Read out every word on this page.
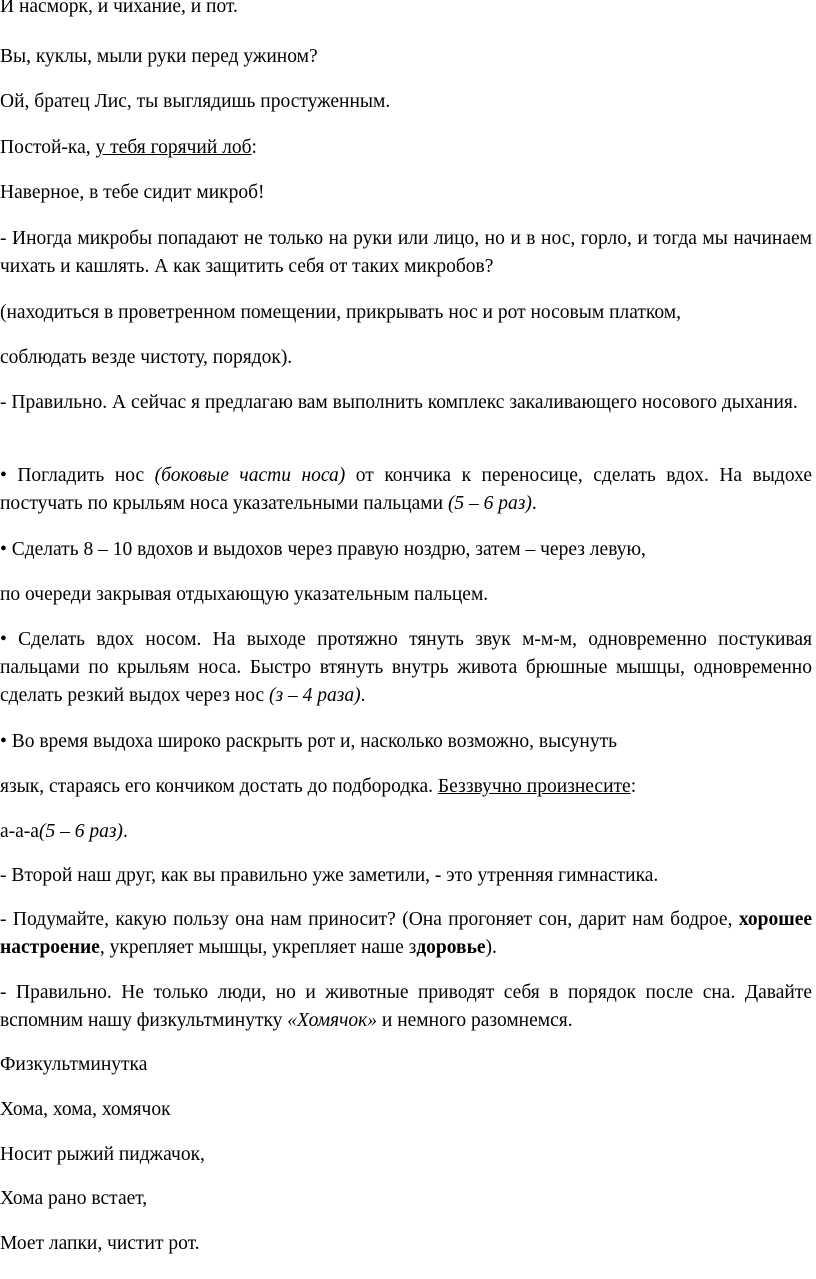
И насморк, и чихание, и пот.

Вы, куклы, мыли руки перед ужином?

Ой, братец Лис, ты выглядишь простуженным.

Постой-ка, у тебя горячий лоб:

Наверное, в тебе сидит микроб!

- Иногда микробы попадают не только на руки или лицо, но и в нос, горло, и тогда мы начинаем чихать и кашлять. А как защитить себя от таких микробов?

(находиться в проветренном помещении, прикрывать нос и рот носовым платком,

соблюдать везде чистоту, порядок).

- Правильно. А сейчас я предлагаю вам выполнить комплекс закаливающего носового дыхания.

• Погладить нос (боковые части носа) от кончика к переносице, сделать вдох. На выдохе постучать по крыльям носа указательными пальцами (5 – 6 раз).

• Сделать 8 – 10 вдохов и выдохов через правую ноздрю, затем – через левую,

по очереди закрывая отдыхающую указательным пальцем.

• Сделать вдох носом. На выходе протяжно тянуть звук м-м-м, одновременно постукивая пальцами по крыльям носа. Быстро втянуть внутрь живота брюшные мышцы, одновременно сделать резкий выдох через нос (з – 4 раза).

• Во время выдоха широко раскрыть рот и, насколько возможно, высунуть

язык, стараясь его кончиком достать до подбородка. Беззвучно произнесите:

а-а-а(5 – 6 раз).

- Второй наш друг, как вы правильно уже заметили, - это утренняя гимнастика.

- Подумайте, какую пользу она нам приносит? (Она прогоняет сон, дарит нам бодрое, хорошее настроение, укрепляет мышцы, укрепляет наше здоровье).

- Правильно. Не только люди, но и животные приводят себя в порядок после сна. Давайте вспомним нашу физкультминутку «Хомячок» и немного разомнемся.

Физкультминутка

Хома, хома, хомячок

Носит рыжий пиджачок,

Хома рано встает,

Моет лапки, чистит рот.
